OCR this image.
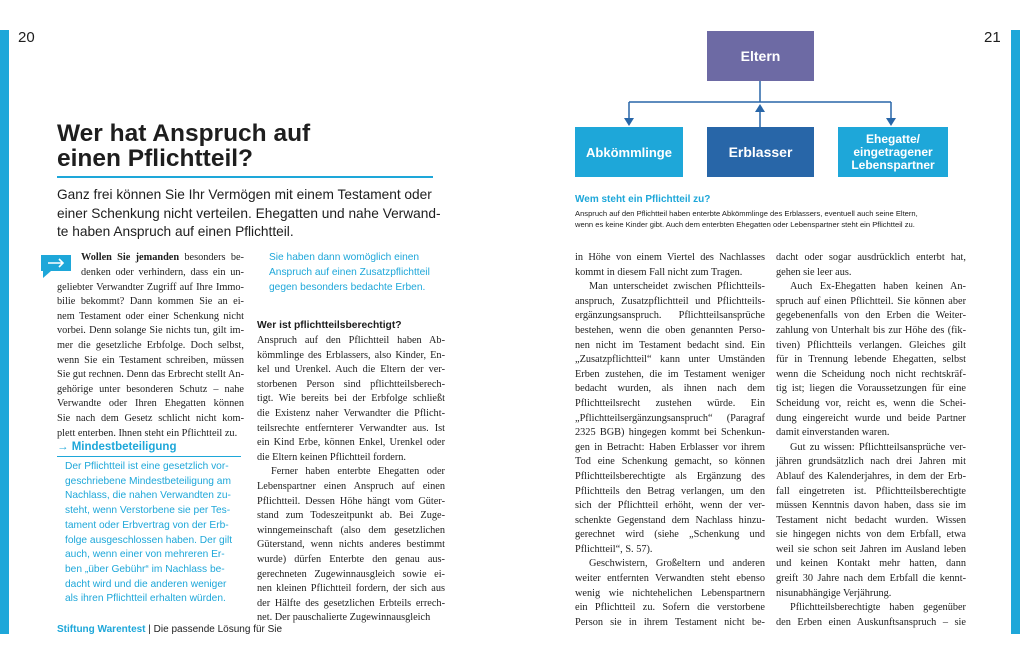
20	21
Wer hat Anspruch auf
einen Pflichtteil?
Ganz frei können Sie Ihr Vermögen mit einem Testament oder
einer Schenkung nicht verteilen. Ehegatten und nahe Verwand-
te haben Anspruch auf einen Pflichtteil.
Wollen Sie jemanden besonders be-
denken oder verhindern, dass ein un-
geliebter Verwandter Zugriff auf Ihre Immo-
bilie bekommt? Dann kommen Sie an ei-
nem Testament oder einer Schenkung nicht
vorbei. Denn solange Sie nichts tun, gilt im-
mer die gesetzliche Erbfolge. Doch selbst,
wenn Sie ein Testament schreiben, müssen
Sie gut rechnen. Denn das Erbrecht stellt An-
gehörige unter besonderen Schutz – nahe
Verwandte oder Ihren Ehegatten können
Sie nach dem Gesetz schlicht nicht kom-
plett enterben. Ihnen steht ein Pflichtteil zu.
→ Mindestbeteiligung
Der Pflichtteil ist eine gesetzlich vor-
geschriebene Mindestbeteiligung am
Nachlass, die nahen Verwandten zu-
steht, wenn Verstorbene sie per Tes-
tament oder Erbvertrag von der Erb-
folge ausgeschlossen haben. Der gilt
auch, wenn einer von mehreren Er-
ben „über Gebühr“ im Nachlass be-
dacht wird und die anderen weniger
als ihren Pflichtteil erhalten würden.
Sie haben dann womöglich einen
Anspruch auf einen Zusatzpflichtteil
gegen besonders bedachte Erben.
Wer ist pflichtteilsberechtigt?
Anspruch auf den Pflichtteil haben Ab-
kömmlinge des Erblassers, also Kinder, En-
kel und Urenkel. Auch die Eltern der ver-
storbenen Person sind pflichtteilsberech-
tigt. Wie bereits bei der Erbfolge schließt
die Existenz naher Verwandter die Pflicht-
teilsrechte entfernterer Verwandter aus. Ist
ein Kind Erbe, können Enkel, Urenkel oder
die Eltern keinen Pflichtteil fordern.
Ferner haben enterbte Ehegatten oder
Lebenspartner einen Anspruch auf einen
Pflichtteil. Dessen Höhe hängt vom Güter-
stand zum Todeszeitpunkt ab. Bei Zuge-
winngemeinschaft (also dem gesetzlichen
Güterstand, wenn nichts anderes bestimmt
wurde) dürfen Enterbte den genau aus-
gerechneten Zugewinnausgleich sowie ei-
nen kleinen Pflichtteil fordern, der sich aus
der Hälfte des gesetzlichen Erbteils errech-
net. Der pauschalierte Zugewinnausgleich
Eltern
Abkömmlinge	Erblasser
Ehegatte/
eingetragener
Lebenspartner
Wem steht ein Pflichtteil zu?
Anspruch auf den Pflichtteil haben enterbte Abkömmlinge des Erblassers, eventuell auch seine Eltern,
wenn es keine Kinder gibt. Auch dem enterbten Ehegatten oder Lebenspartner steht ein Pflichtteil zu.
in Höhe von einem Viertel des Nachlasses
kommt in diesem Fall nicht zum Tragen.
Man unterscheidet zwischen Pflichtteils-
anspruch, Zusatzpflichtteil und Pflichtteils-
ergänzungsanspruch. Pflichtteilsansprüche
bestehen, wenn die oben genannten Perso-
nen nicht im Testament bedacht sind. Ein
„Zusatzpflichtteil“ kann unter Umständen
Erben zustehen, die im Testament weniger
bedacht wurden, als ihnen nach dem
Pflichtteilsrecht zustehen würde. Ein
„Pflichtteilsergänzungsanspruch“ (Paragraf
2325 BGB) hingegen kommt bei Schenkun-
gen in Betracht: Haben Erblasser vor ihrem
Tod eine Schenkung gemacht, so können
Pflichtteilsberechtigte als Ergänzung des
Pflichtteils den Betrag verlangen, um den
sich der Pflichtteil erhöht, wenn der ver-
schenkte Gegenstand dem Nachlass hinzu-
gerechnet wird (siehe „Schenkung und
Pflichtteil“, S. 57).
Geschwistern, Großeltern und anderen
weiter entfernten Verwandten steht ebenso
wenig wie nichtehelichen Lebenspartnern
ein Pflichtteil zu. Sofern die verstorbene
Person sie in ihrem Testament nicht be-
dacht oder sogar ausdrücklich enterbt hat,
gehen sie leer aus.
Auch Ex-Ehegatten haben keinen An-
spruch auf einen Pflichtteil. Sie können aber
gegebenenfalls von den Erben die Weiter-
zahlung von Unterhalt bis zur Höhe des (fik-
tiven) Pflichtteils verlangen. Gleiches gilt
für in Trennung lebende Ehegatten, selbst
wenn die Scheidung noch nicht rechtskräf-
tig ist; liegen die Voraussetzungen für eine
Scheidung vor, reicht es, wenn die Schei-
dung eingereicht wurde und beide Partner
damit einverstanden waren.
Gut zu wissen: Pflichtteilsansprüche ver-
jähren grundsätzlich nach drei Jahren mit
Ablauf des Kalenderjahres, in dem der Erb-
fall eingetreten ist. Pflichtteilsberechtigte
müssen Kenntnis davon haben, dass sie im
Testament nicht bedacht wurden. Wissen
sie hingegen nichts von dem Erbfall, etwa
weil sie schon seit Jahren im Ausland leben
und keinen Kontakt mehr hatten, dann
greift 30 Jahre nach dem Erbfall die kennt-
nisunabhängige Verjährung.
Pflichtteilsberechtigte haben gegenüber
den Erben einen Auskunftsanspruch – sie
Stiftung Warentest | Die passende Lösung für Sie
